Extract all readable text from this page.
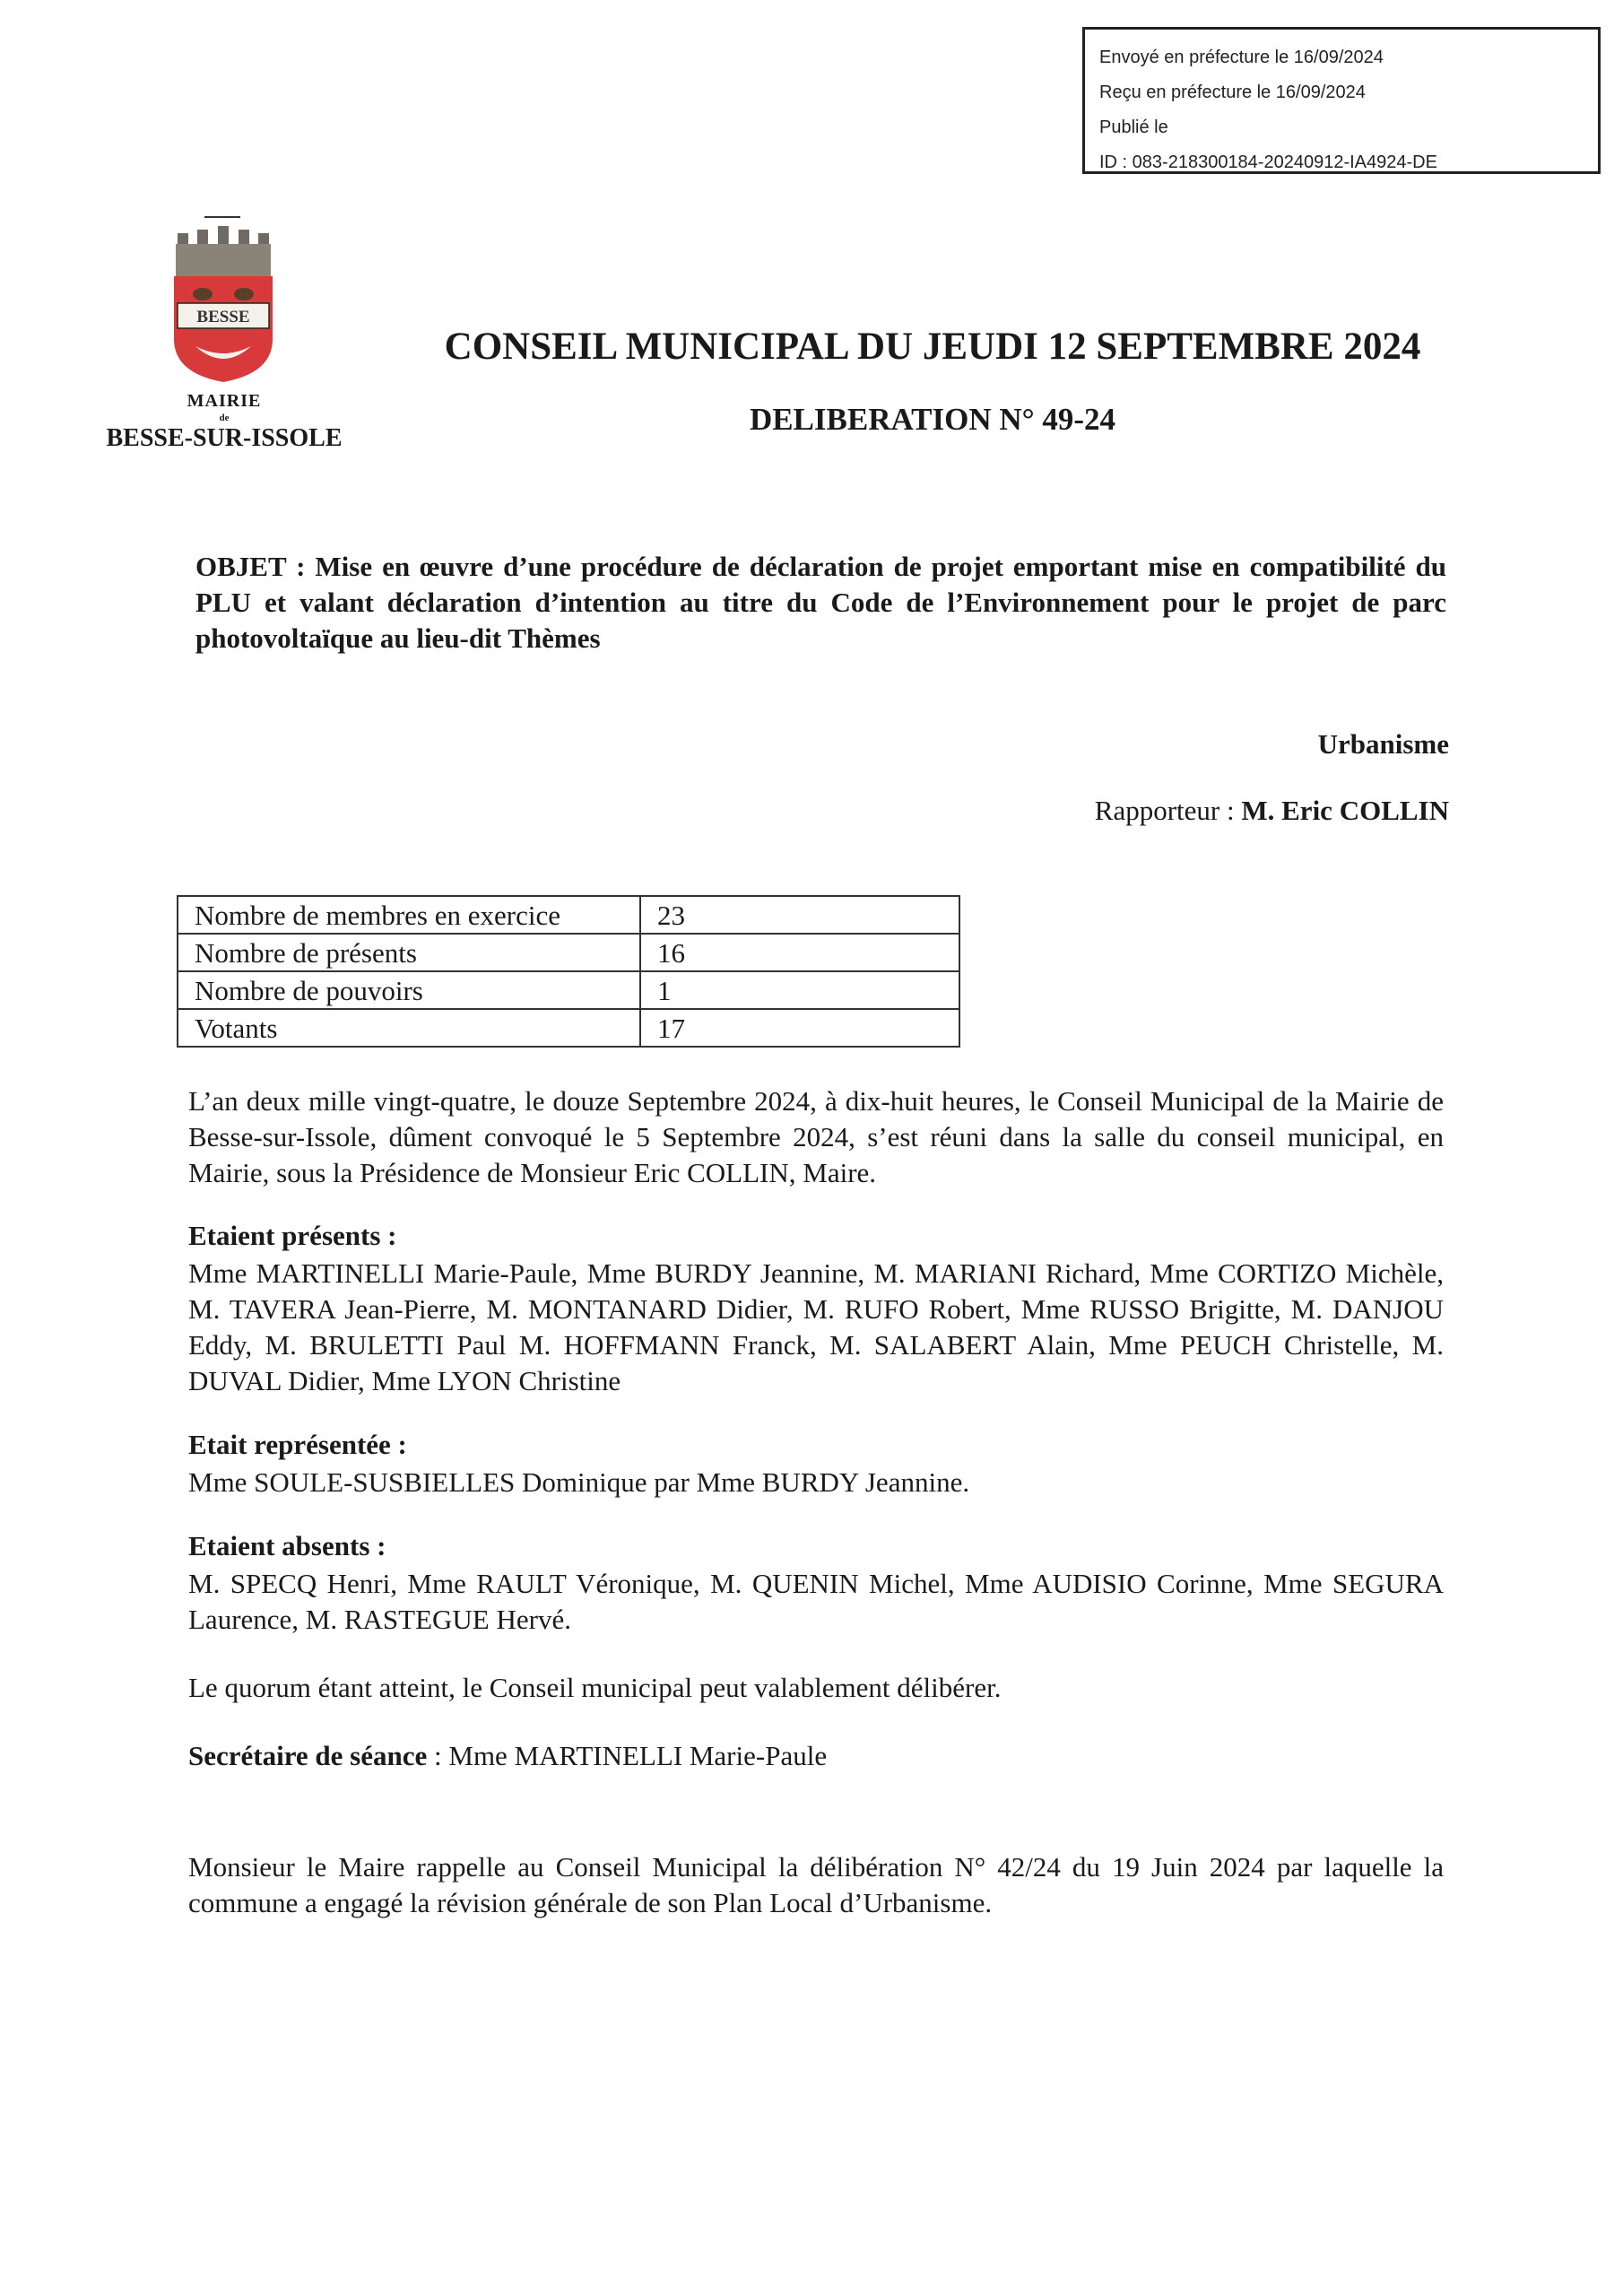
Envoyé en préfecture le 16/09/2024
Reçu en préfecture le 16/09/2024
Publié le
ID : 083-218300184-20240912-IA4924-DE
BESSE
MAIRIE
de
BESSE-SUR-ISSOLE
CONSEIL MUNICIPAL DU JEUDI 12 SEPTEMBRE 2024
DELIBERATION N° 49-24
OBJET : Mise en œuvre d’une procédure de déclaration de projet emportant mise en compatibilité du PLU et valant déclaration d’intention au titre du Code de l’Environnement pour le projet de parc photovoltaïque au lieu-dit Thèmes
Urbanisme
Rapporteur : M. Eric COLLIN
Nombre de membres en exercice	23
Nombre de présents	16
Nombre de pouvoirs	1
Votants	17
L’an deux mille vingt-quatre, le douze Septembre 2024, à dix-huit heures, le Conseil Municipal de la Mairie de Besse-sur-Issole, dûment convoqué le 5 Septembre 2024, s’est réuni dans la salle du conseil municipal, en Mairie, sous la Présidence de Monsieur Eric COLLIN, Maire.
Etaient présents :
Mme MARTINELLI Marie-Paule, Mme BURDY Jeannine, M. MARIANI Richard, Mme CORTIZO Michèle, M. TAVERA Jean-Pierre, M. MONTANARD Didier, M. RUFO Robert, Mme RUSSO Brigitte, M. DANJOU Eddy, M. BRULETTI Paul M. HOFFMANN Franck, M. SALABERT Alain, Mme PEUCH Christelle, M. DUVAL Didier, Mme LYON Christine
Etait représentée :
Mme SOULE-SUSBIELLES Dominique par Mme BURDY Jeannine.
Etaient absents :
M. SPECQ Henri, Mme RAULT Véronique, M. QUENIN Michel, Mme AUDISIO Corinne, Mme SEGURA Laurence, M. RASTEGUE Hervé.
Le quorum étant atteint, le Conseil municipal peut valablement délibérer.
Secrétaire de séance : Mme MARTINELLI Marie-Paule
Monsieur le Maire rappelle au Conseil Municipal la délibération N° 42/24 du 19 Juin 2024 par laquelle la commune a engagé la révision générale de son Plan Local d’Urbanisme.
